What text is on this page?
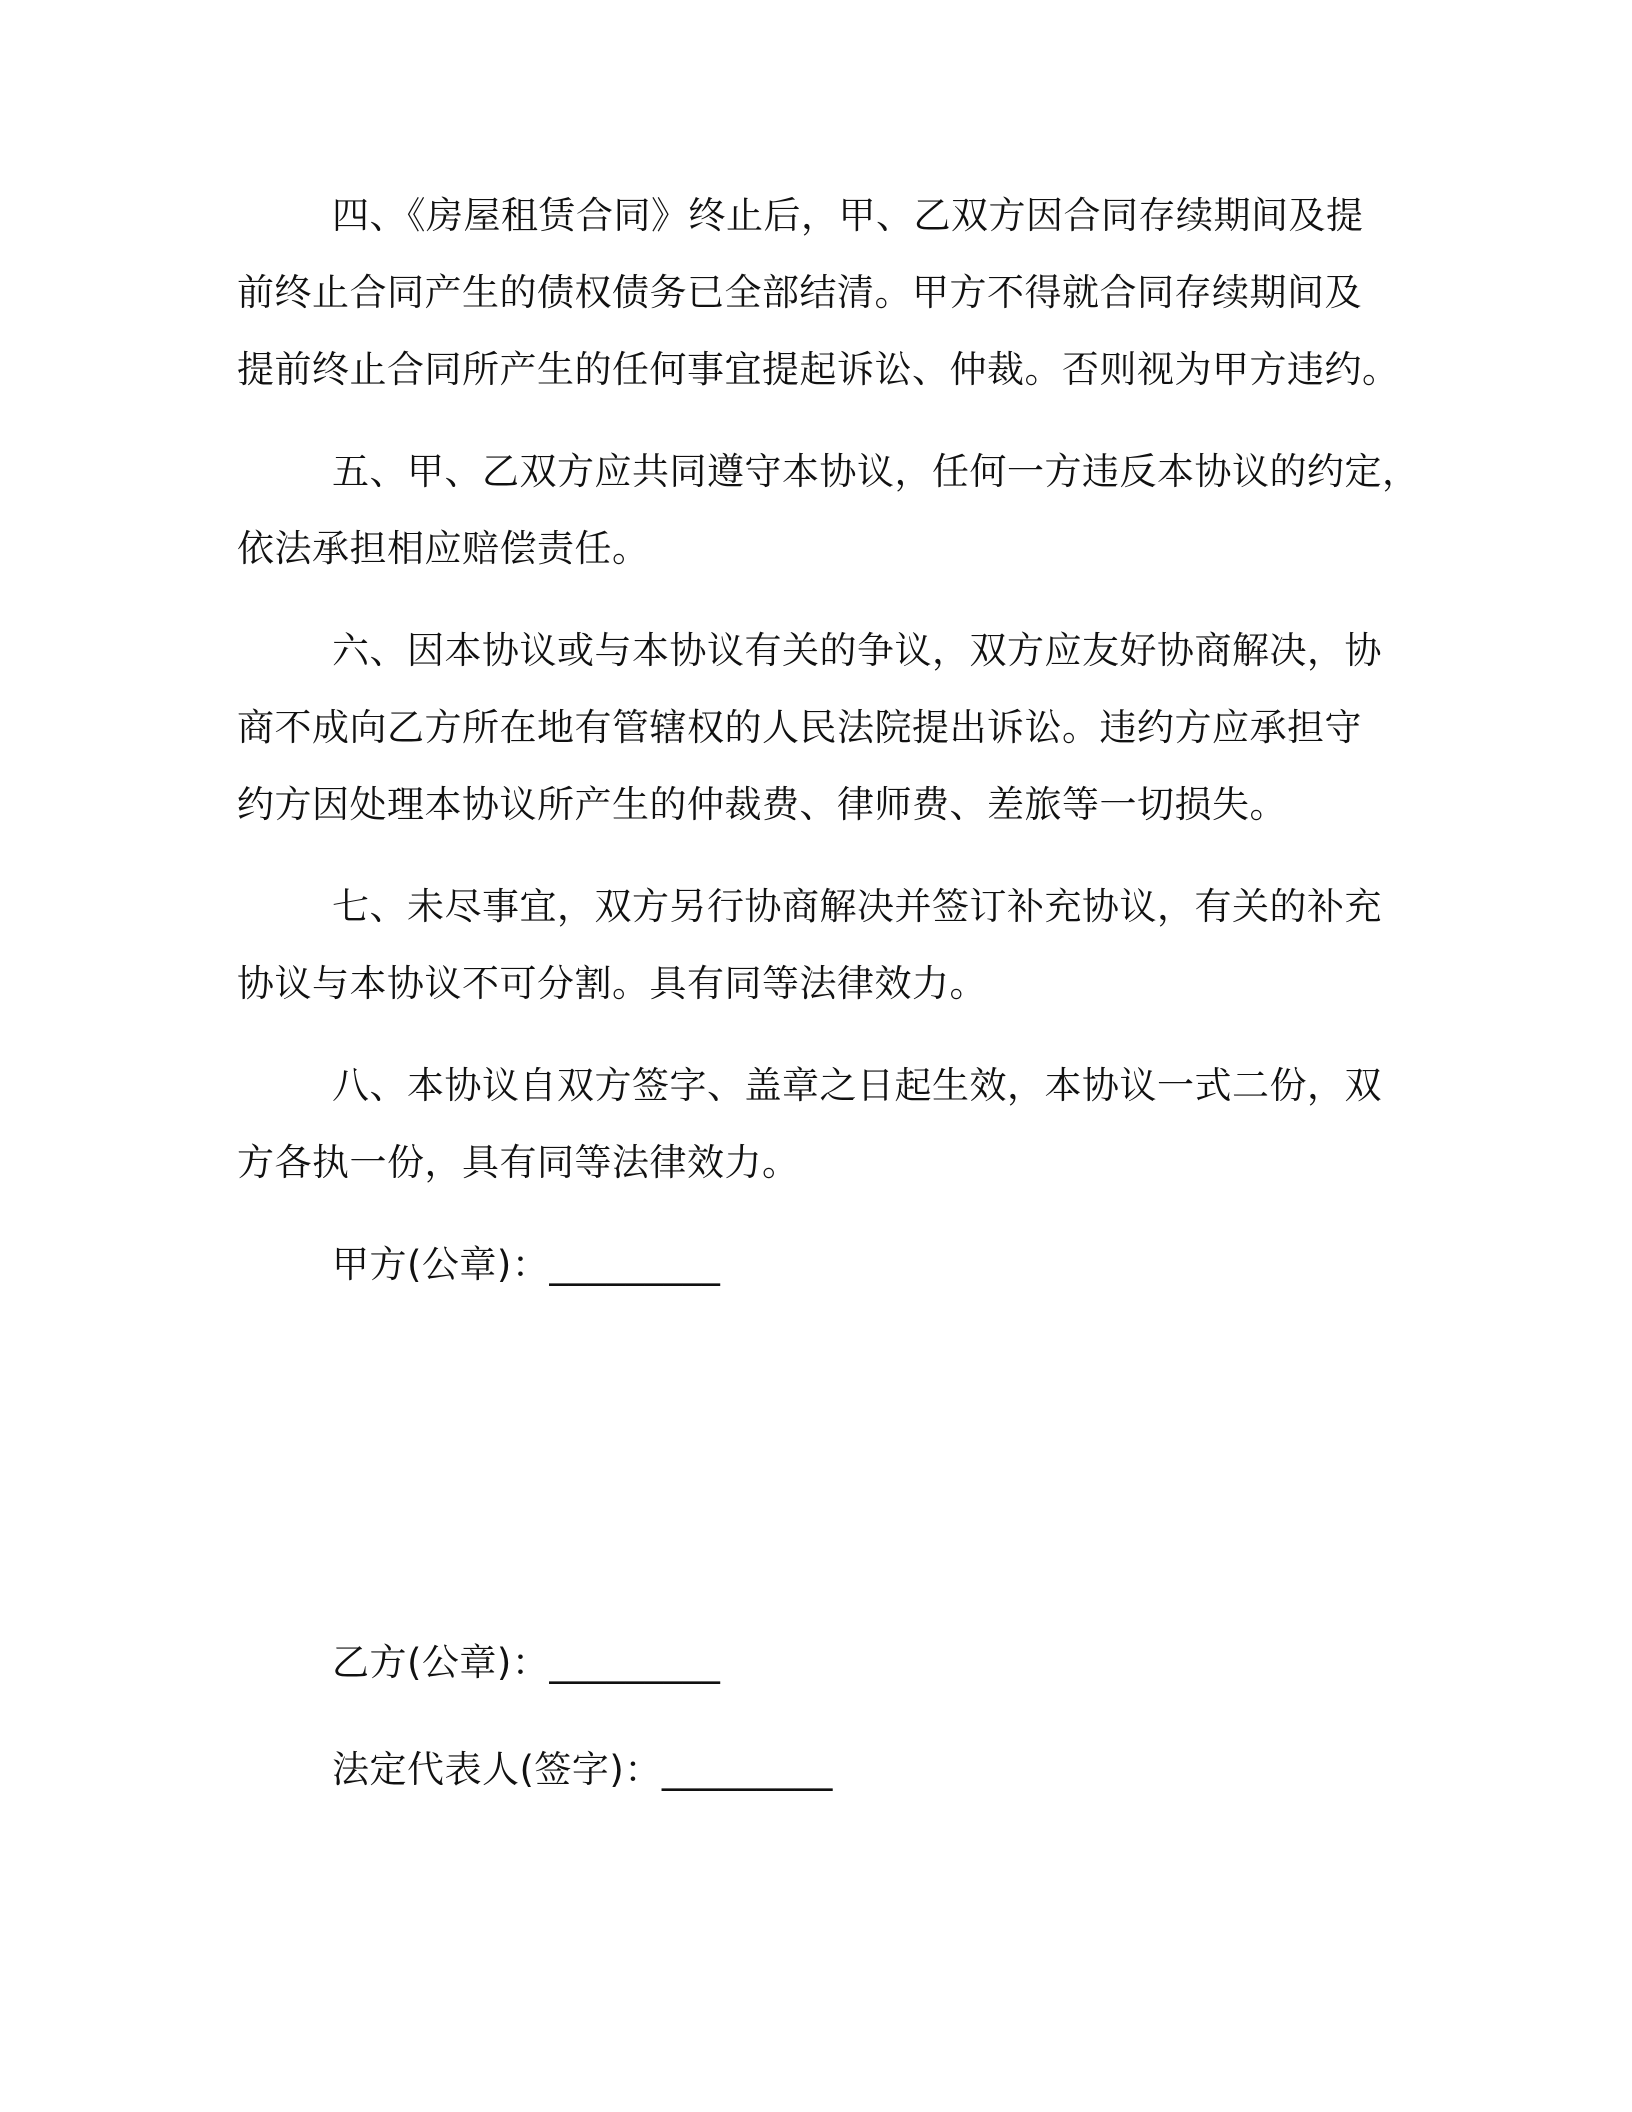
四、《房屋租赁合同》终止后，甲、乙双方因合同存续期间及提

前终止合同产生的债权债务已全部结清。甲方不得就合同存续期间及

提前终止合同所产生的任何事宜提起诉讼、仲裁。否则视为甲方违约。

五、甲、乙双方应共同遵守本协议，任何一方违反本协议的约定，

依法承担相应赔偿责任。

六、因本协议或与本协议有关的争议，双方应友好协商解决，协

商不成向乙方所在地有管辖权的人民法院提出诉讼。违约方应承担守

约方因处理本协议所产生的仲裁费、律师费、差旅等一切损失。

七、未尽事宜，双方另行协商解决并签订补充协议，有关的补充

协议与本协议不可分割。具有同等法律效力。

八、本协议自双方签字、盖章之日起生效，本协议一式二份，双

方各执一份，具有同等法律效力。

甲方(公章)：_________

乙方(公章)：_________

法定代表人(签字)：_________
